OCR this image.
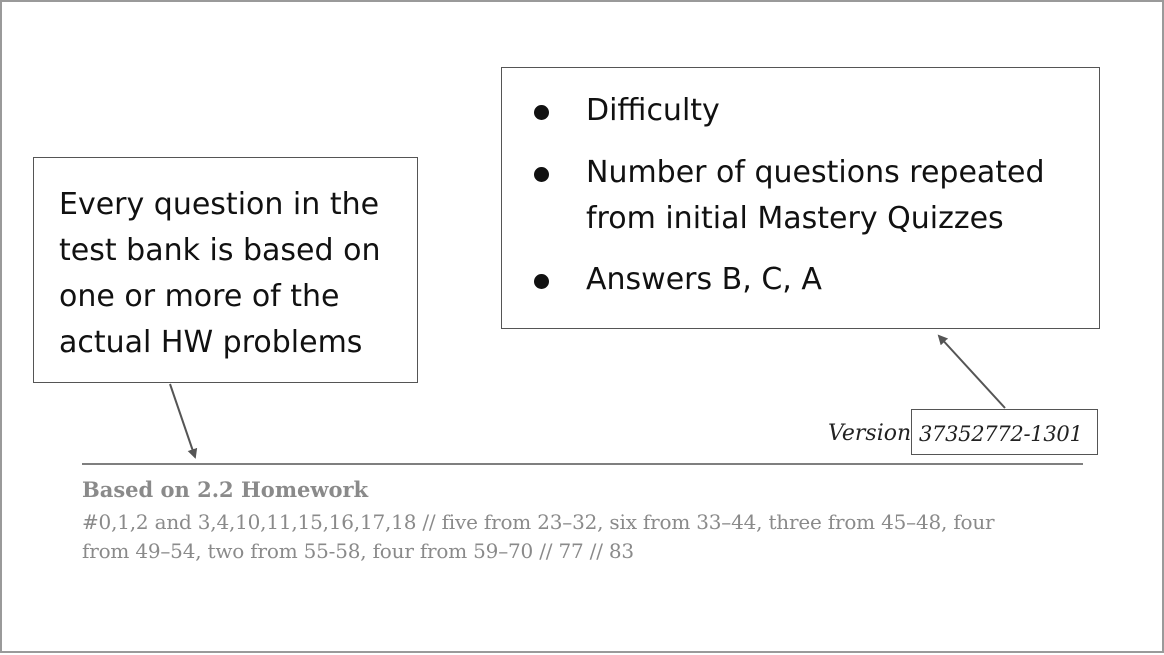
Every question in the
test bank is based on
one or more of the
actual HW problems

Difficulty
Number of questions repeated
from initial Mastery Quizzes
Answers B, C, A
Version 37352772-1301

Based on 2.2 Homework

#0,1,2 and 3,4,10,11,15,16,17,18 // five from 23–32, six from 33–44, three from 45–48, four
from 49–54, two from 55-58, four from 59–70 // 77 // 83
